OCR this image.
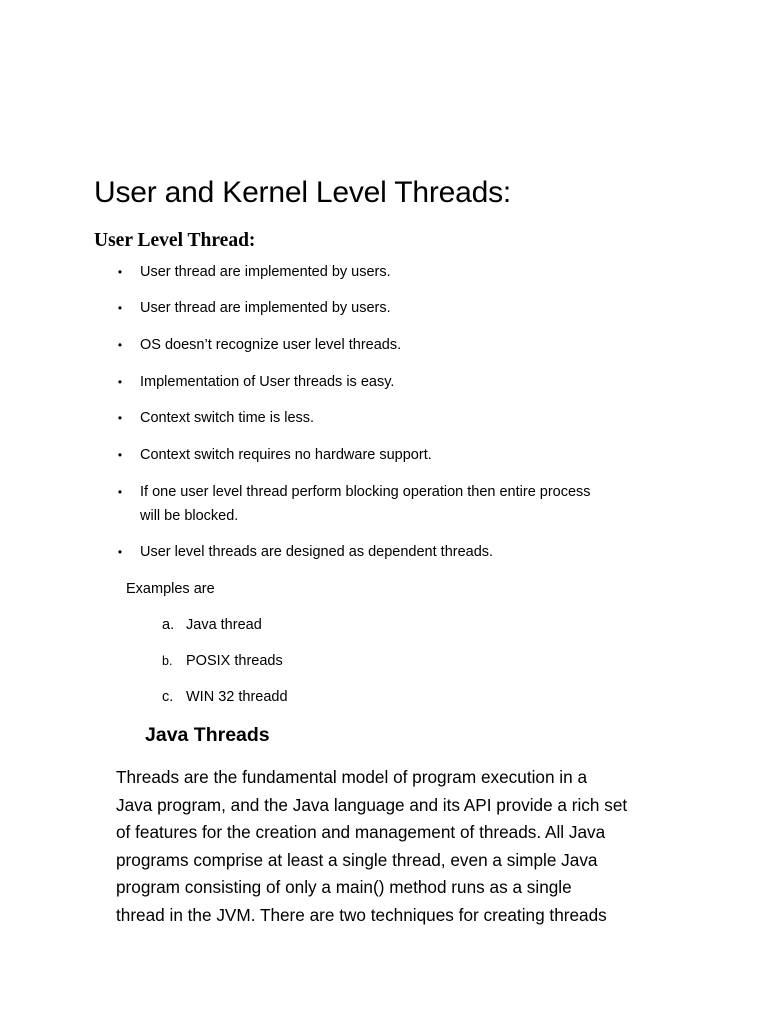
User and Kernel Level Threads:
User Level Thread:
• User thread are implemented by users.
• User thread are implemented by users.
• OS doesn’t recognize user level threads.
• Implementation of User threads is easy.
• Context switch time is less.
• Context switch requires no hardware support.
• If one user level thread perform blocking operation then entire process
will be blocked.
• User level threads are designed as dependent threads.
Examples are
a. Java thread
b. POSIX threads
c. WIN 32 threadd
Java Threads

Threads are the fundamental model of program execution in a
Java program, and the Java language and its API provide a rich set
of features for the creation and management of threads. All Java
programs comprise at least a single thread, even a simple Java
program consisting of only a main() method runs as a single
thread in the JVM. There are two techniques for creating threads
